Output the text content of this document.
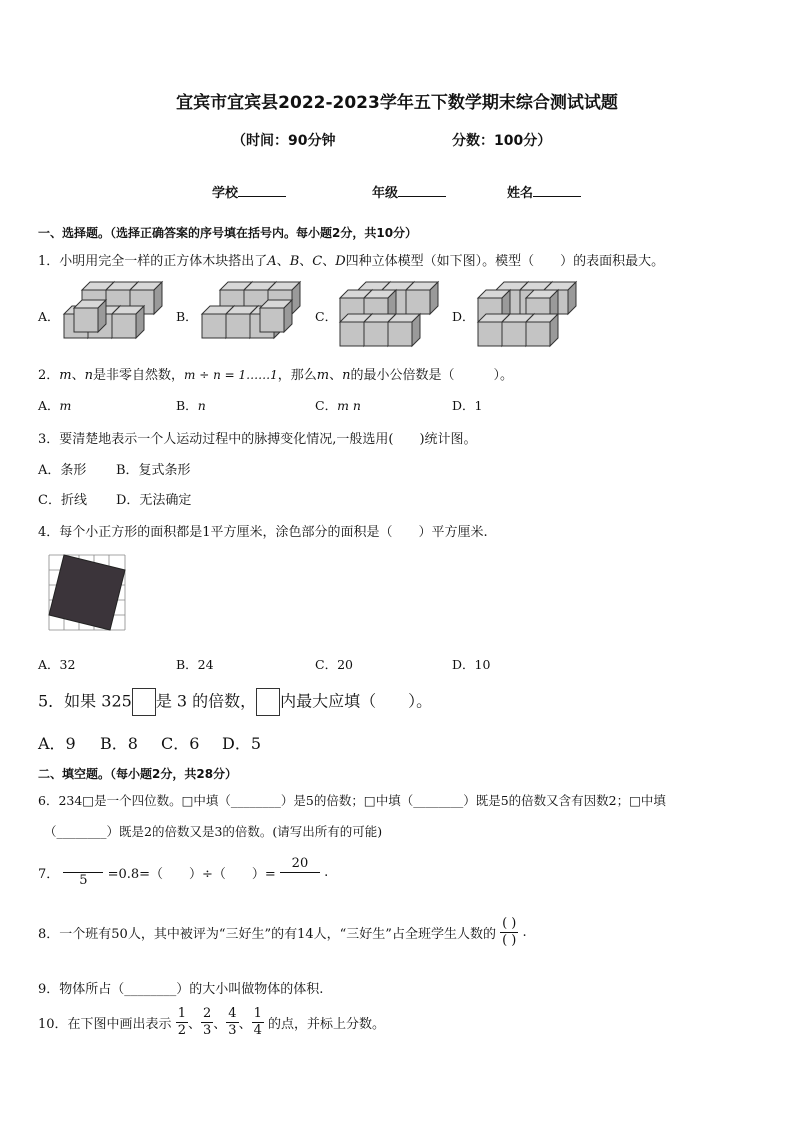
宜宾市宜宾县2022-2023学年五下数学期末综合测试试题
（时间：90分钟	分数：100分）
学校	年级	姓名
一、选择题。（选择正确答案的序号填在括号内。每小题2分，共10分）
1．小明用完全一样的正方体木块搭出了A、B、C、D四种立体模型（如下图）。模型（　　）的表面积最大。
A．	B．	C．	D．
2．m、n是非零自然数，m ÷ n = 1……1，那么m、n的最小公倍数是（　　　）。
A．m	B．n	C．m n	D．1
3．要清楚地表示一个人运动过程中的脉搏变化情况,一般选用(　　)统计图。
A．条形 B．复式条形
C．折线 D．无法确定
4．每个小正方形的面积都是1平方厘米，涂色部分的面积是（　　）平方厘米.
A．32	B．24	C．20	D．10
5．如果 325 是 3 的倍数， 内最大应填（　　）。
A．9 B．8 C．6 D．5
二、填空题。（每小题2分，共28分）
6．234□是一个四位数。□中填（________）是5的倍数；□中填（________）既是5的倍数又含有因数2；□中填
（________）既是2的倍数又是3的倍数。(请写出所有的可能)
7．	5	=0.8=（　　）÷（　　）=
20
.
8．一个班有50人，其中被评为“三好生”的有14人，“三好生”占全班学生人数的 $\frac{( )}{( )}$ .
9．物体所占（________）的大小叫做物体的体积.
10．在下图中画出表示 $\frac{1}{2}$ 、 $\frac{2}{3}$ 、 $\frac{4}{3}$ 、 $\frac{1}{4}$ 的点，并标上分数。
